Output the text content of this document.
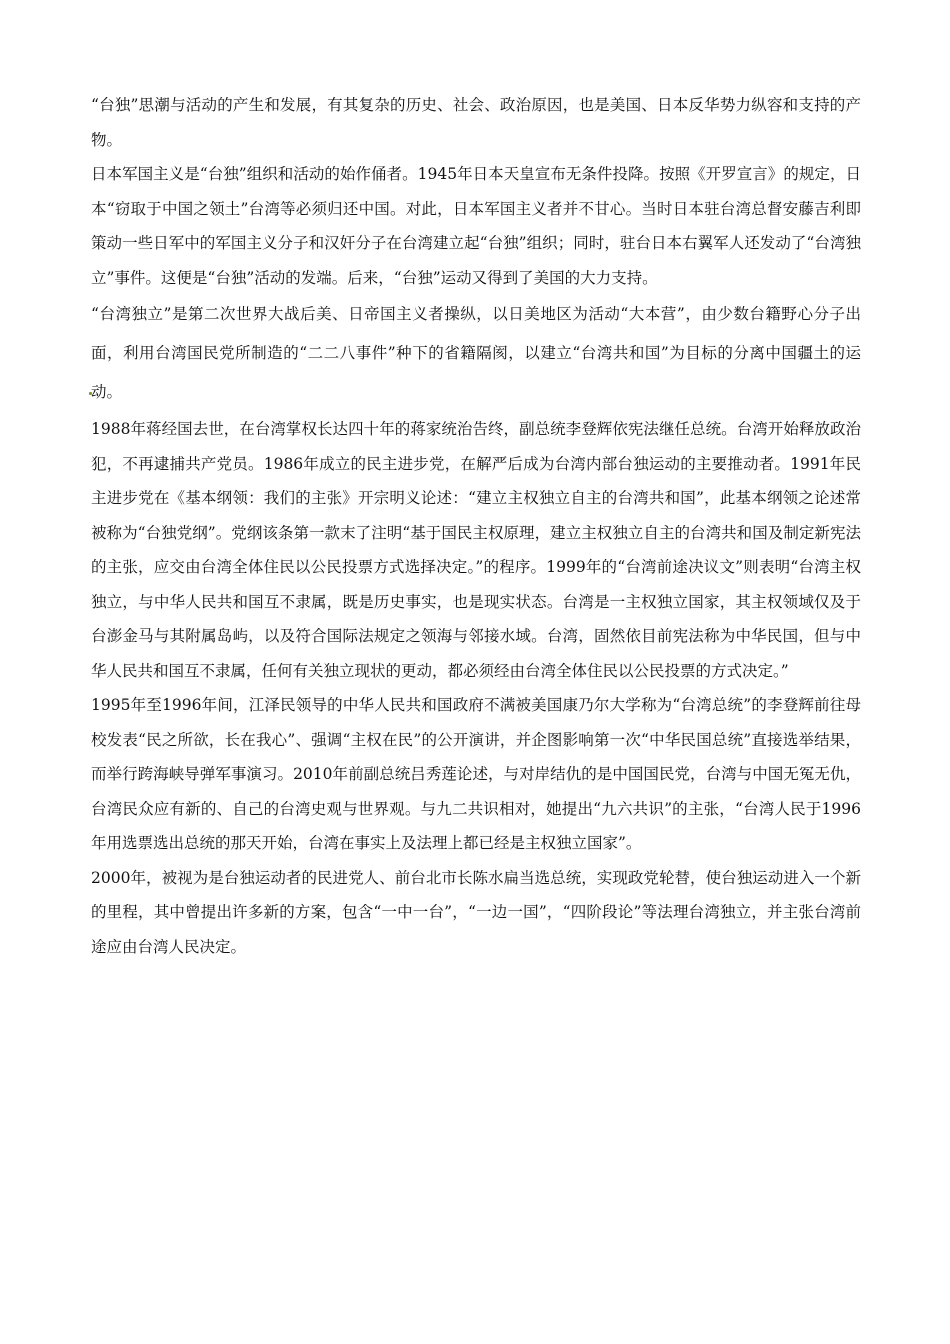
“台独”思潮与活动的产生和发展，有其复杂的历史、社会、政治原因，也是美国、日本反华势力纵容和支持的产物。

日本军国主义是“台独”组织和活动的始作俑者。1945年日本天皇宣布无条件投降。按照《开罗宣言》的规定，日本“窃取于中国之领土”台湾等必须归还中国。对此，日本军国主义者并不甘心。当时日本驻台湾总督安藤吉利即策动一些日军中的军国主义分子和汉奸分子在台湾建立起“台独”组织；同时，驻台日本右翼军人还发动了“台湾独立”事件。这便是“台独”活动的发端。后来，“台独”运动又得到了美国的大力支持。

“台湾独立”是第二次世界大战后美、日帝国主义者操纵，以日美地区为活动“大本营”，由少数台籍野心分子出面，利用台湾国民党所制造的“二二八事件”种下的省籍隔阂，以建立“台湾共和国”为目标的分离中国疆土的运动。

1988年蒋经国去世，在台湾掌权长达四十年的蒋家统治告终，副总统李登辉依宪法继任总统。台湾开始释放政治犯，不再逮捕共产党员。1986年成立的民主进步党，在解严后成为台湾内部台独运动的主要推动者。1991年民主进步党在《基本纲领：我们的主张》开宗明义论述：“建立主权独立自主的台湾共和国”，此基本纲领之论述常被称为“台独党纲”。党纲该条第一款末了注明“基于国民主权原理，建立主权独立自主的台湾共和国及制定新宪法的主张，应交由台湾全体住民以公民投票方式选择决定。”的程序。1999年的“台湾前途决议文”则表明“台湾主权独立，与中华人民共和国互不隶属，既是历史事实，也是现实状态。台湾是一主权独立国家，其主权领域仅及于台澎金马与其附属岛屿，以及符合国际法规定之领海与邻接水域。台湾，固然依目前宪法称为中华民国，但与中华人民共和国互不隶属，任何有关独立现状的更动，都必须经由台湾全体住民以公民投票的方式决定。”

1995年至1996年间，江泽民领导的中华人民共和国政府不满被美国康乃尔大学称为“台湾总统”的李登辉前往母校发表“民之所欲，长在我心”、强调“主权在民”的公开演讲，并企图影响第一次“中华民国总统”直接选举结果，而举行跨海峡导弹军事演习。2010年前副总统吕秀莲论述，与对岸结仇的是中国国民党，台湾与中国无冤无仇，台湾民众应有新的、自己的台湾史观与世界观。与九二共识相对，她提出“九六共识”的主张，“台湾人民于1996年用选票选出总统的那天开始，台湾在事实上及法理上都已经是主权独立国家”。

2000年，被视为是台独运动者的民进党人、前台北市长陈水扁当选总统，实现政党轮替，使台独运动进入一个新的里程，其中曾提出许多新的方案，包含“一中一台”，“一边一国”，“四阶段论”等法理台湾独立，并主张台湾前途应由台湾人民决定。
